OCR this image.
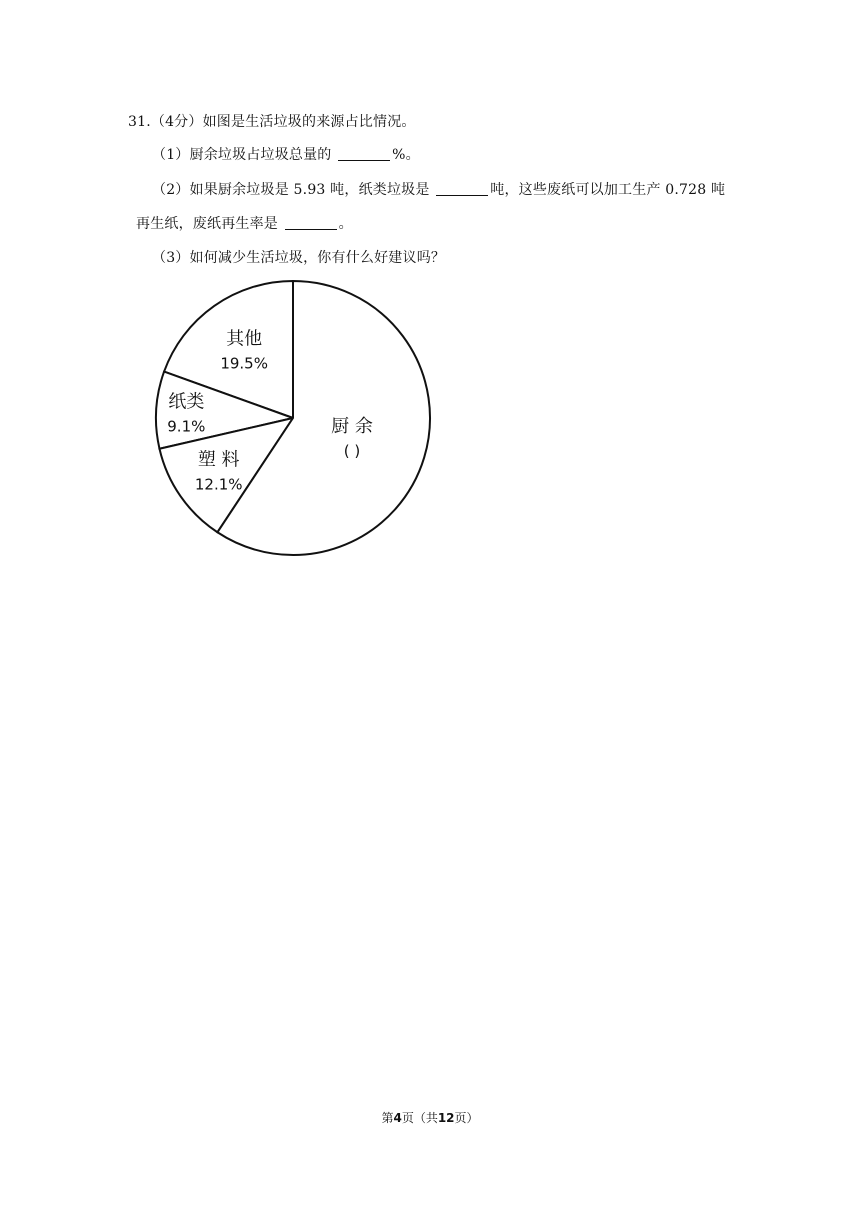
31.（4分）如图是生活垃圾的来源占比情况。
（1）厨余垃圾占垃圾总量的	%。
（2）如果厨余垃圾是 5.93 吨，纸类垃圾是	吨，这些废纸可以加工生产 0.728 吨
再生纸，废纸再生率是	。
（3）如何减少生活垃圾，你有什么好建议吗？
其他
19.5%
纸类
9.1%
塑 料
12.1%
厨 余
( )
第4页（共12页）
